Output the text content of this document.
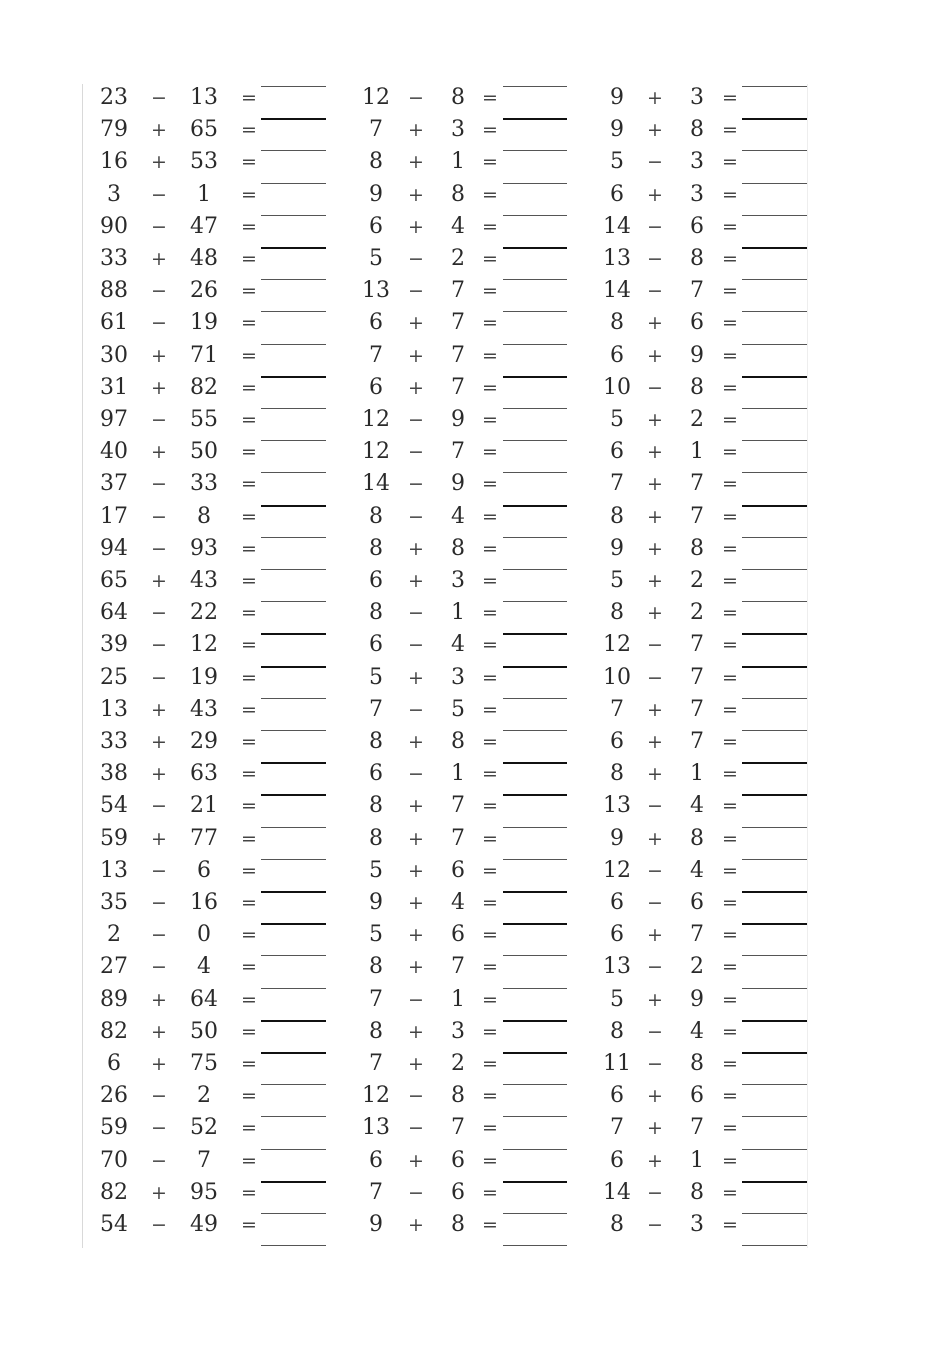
23 − 13 =	12 −	8 =	9	+	3 =
79 + 65 =	7	+	3 =	9	+	8 =
16 + 53 =	8	+	1 =	5	−	3 =
3	−	1	=	9	+	8 =	6	+	3 =
90 − 47 =	6	+	4 =	14 −	6 =
33 + 48 =	5	−	2 =	13 −	8 =
88 − 26 =	13 −	7 =	14 −	7 =
61 − 19 =	6	+	7 =	8	+	6 =
30 + 71 =	7	+	7 =	6	+	9 =
31 + 82 =	6	+	7 =	10 −	8 =
97 − 55 =	12 −	9 =	5	+	2 =
40 + 50 =	12 −	7 =	6	+	1 =
37 − 33 =	14 −	9 =	7	+	7 =
17 −	8	=	8	−	4 =	8	+	7 =
94 − 93 =	8	+	8 =	9	+	8 =
65 + 43 =	6	+	3 =	5	+	2 =
64 − 22 =	8	−	1 =	8	+	2 =
39 − 12 =	6	−	4 =	12 −	7 =
25 − 19 =	5	+	3 =	10 −	7 =
13 + 43 =	7	−	5 =	7	+	7 =
33 + 29 =	8	+	8 =	6	+	7 =
38 + 63 =	6	−	1 =	8	+	1 =
54 − 21 =	8	+	7 =	13 −	4 =
59 + 77 =	8	+	7 =	9	+	8 =
13 −	6	=	5	+	6 =	12 −	4 =
35 − 16 =	9	+	4 =	6	−	6 =
2	−	0	=	5	+	6 =	6	+	7 =
27 −	4	=	8	+	7 =	13 −	2 =
89 + 64 =	7	−	1 =	5	+	9 =
82 + 50 =	8	+	3 =	8	−	4 =
6	+ 75 =	7	+	2 =	11 −	8 =
26 −	2	=	12 −	8 =	6	+	6 =
59 − 52 =	13 −	7 =	7	+	7 =
70 −	7	=	6	+	6 =	6	+	1 =
82 + 95 =	7	−	6 =	14 −	8 =
54 − 49 =	9	+	8 =	8	−	3 =
